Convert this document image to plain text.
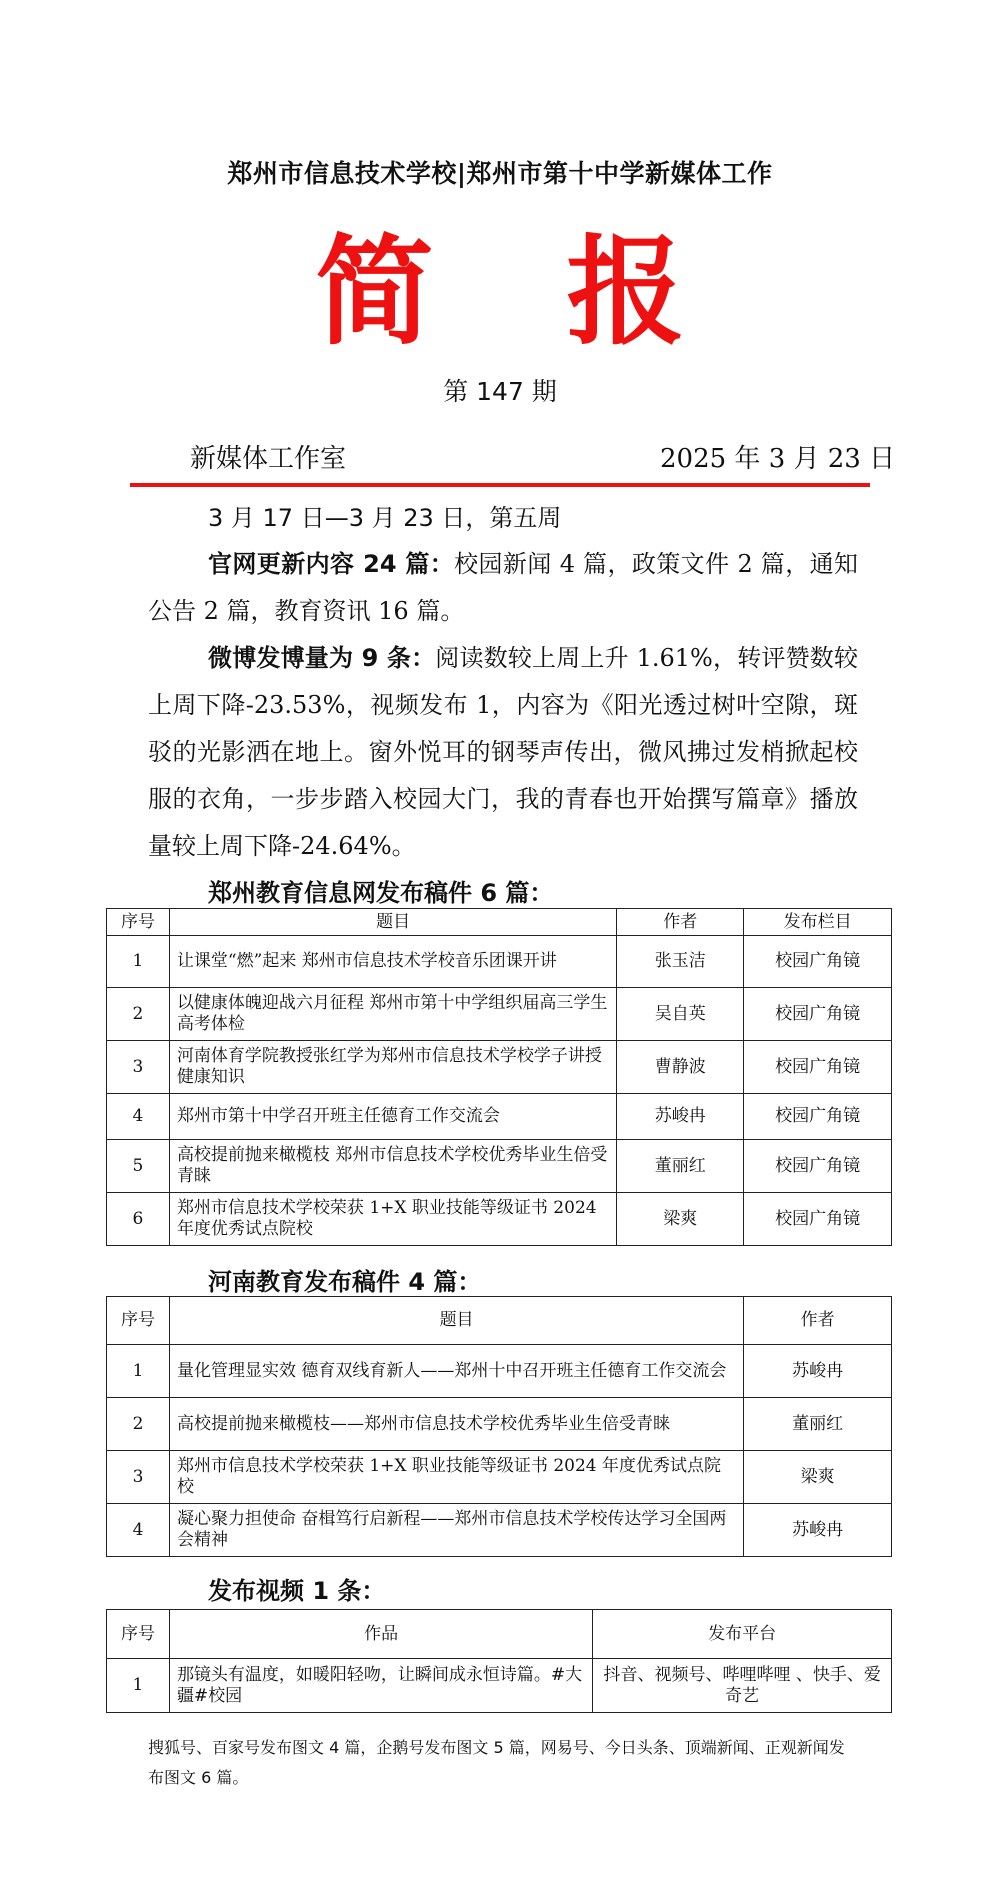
郑州市信息技术学校|郑州市第十中学新媒体工作
简 报
第 147 期
新媒体工作室	2025 年 3 月 23 日
3 月 17 日—3 月 23 日，第五周

官网更新内容 24 篇：校园新闻 4 篇，政策文件 2 篇，通知公告 2 篇，教育资讯 16 篇。

微博发博量为 9 条：阅读数较上周上升 1.61%，转评赞数较上周下降-23.53%，视频发布 1，内容为《阳光透过树叶空隙，斑驳的光影洒在地上。窗外悦耳的钢琴声传出，微风拂过发梢掀起校服的衣角，一步步踏入校园大门，我的青春也开始撰写篇章》播放量较上周下降-24.64%。

郑州教育信息网发布稿件 6 篇：
序号	题目	作者	发布栏目
1	让课堂“燃”起来 郑州市信息技术学校音乐团课开讲	张玉洁	校园广角镜
2	以健康体魄迎战六月征程 郑州市第十中学组织届高三学生高考体检	吴自英	校园广角镜
3	河南体育学院教授张红学为郑州市信息技术学校学子讲授健康知识	曹静波	校园广角镜
4	郑州市第十中学召开班主任德育工作交流会	苏峻冉	校园广角镜
5	高校提前抛来橄榄枝 郑州市信息技术学校优秀毕业生倍受青睐	董丽红	校园广角镜
6	郑州市信息技术学校荣获 1+X 职业技能等级证书 2024 年度优秀试点院校	梁爽	校园广角镜
河南教育发布稿件 4 篇：
序号	题目	作者
1	量化管理显实效 德育双线育新人——郑州十中召开班主任德育工作交流会	苏峻冉
2	高校提前抛来橄榄枝——郑州市信息技术学校优秀毕业生倍受青睐	董丽红
3	郑州市信息技术学校荣获 1+X 职业技能等级证书 2024 年度优秀试点院校	梁爽
4	凝心聚力担使命 奋楫笃行启新程——郑州市信息技术学校传达学习全国两会精神	苏峻冉
发布视频 1 条：
序号	作品	发布平台
1	那镜头有温度，如暖阳轻吻，让瞬间成永恒诗篇。#大疆#校园	抖音、视频号、哔哩哔哩 、快手、爱奇艺
搜狐号、百家号发布图文 4 篇，企鹅号发布图文 5 篇，网易号、今日头条、顶端新闻、正观新闻发布图文 6 篇。
